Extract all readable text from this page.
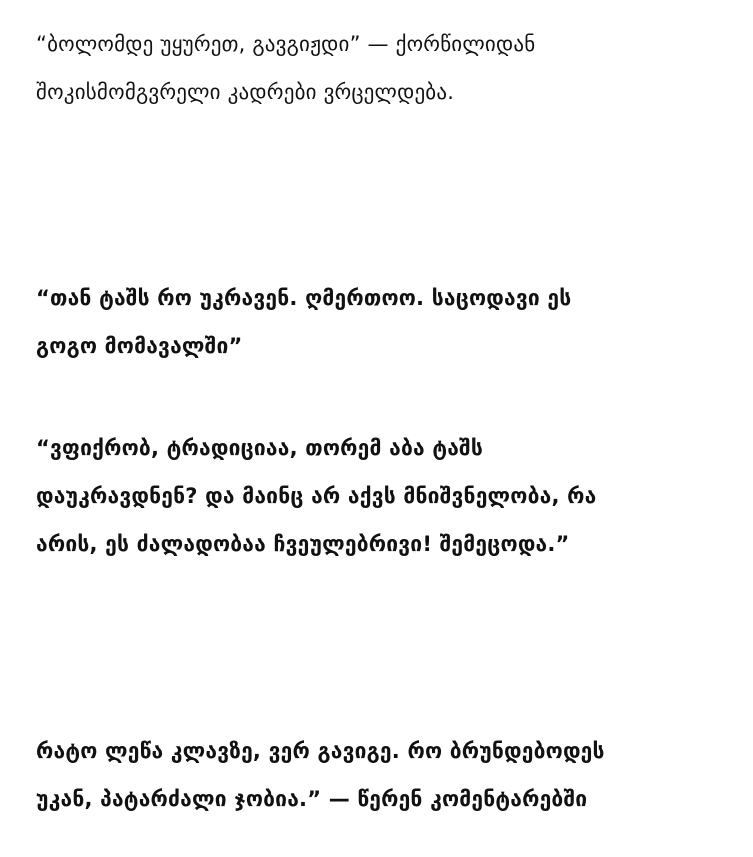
“ბოლომდე უყურეთ, გავგიჟდი” — ქორწილიდან
შოკისმომგვრელი კადრები ვრცელდება.

“თან ტაშს რო უკრავენ. ღმერთოო. საცოდავი ეს
გოგო მომავალში”

“ვფიქრობ, ტრადიციაა, თორემ აბა ტაშს
დაუკრავდნენ? და მაინც არ აქვს მნიშვნელობა, რა
არის, ეს ძალადობაა ჩვეულებრივი! შემეცოდა.”

რატო ლეწა კლავზე, ვერ გავიგე. რო ბრუნდებოდეს
უკან, პატარძალი ჯობია.” — წერენ კომენტარებში
